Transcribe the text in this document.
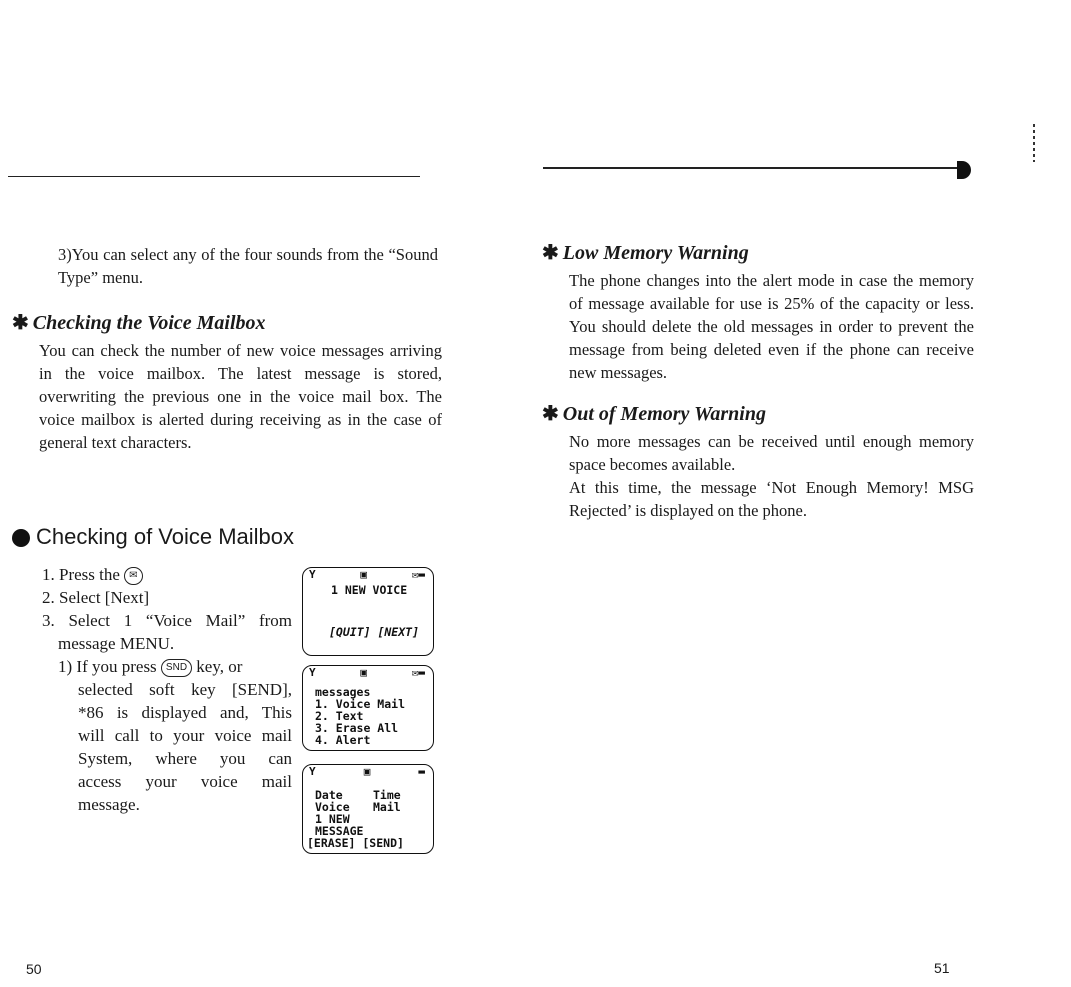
3)You can select any of the four sounds from the “Sound Type” menu.
✱ Checking the Voice Mailbox
You can check the number of new voice messages arriving in the voice mailbox. The latest message is stored, overwriting the previous one in the voice mail box. The voice mailbox is alerted during receiving as in the case of general text characters.
Checking of Voice Mailbox
1. Press the ✉
2. Select [Next]
3. Select 1 “Voice Mail” from
message MENU.
1) If you press SND key, or
selected soft key [SEND],
*86 is displayed and, This
will call to your voice mail
System, where you can
access your voice mail
message.
Y	▣	✉▬
1 NEW VOICE
[QUIT] [NEXT]
Y	▣	✉▬
messages
1. Voice Mail
2. Text
3. Erase All
4. Alert
Y	▣	▬
Date	Time
Voice Mail
1 NEW
MESSAGE
[ERASE] [SEND]
50
✱ Low Memory Warning
The phone changes into the alert mode in case the memory of message available for use is 25% of the capacity or less. You should delete the old messages in order to prevent the message from being deleted even if the phone can receive new messages.
✱ Out of Memory Warning
No more messages can be received until enough memory space becomes available.
At this time, the message ‘Not Enough Memory! MSG Rejected’ is displayed on the phone.
51
